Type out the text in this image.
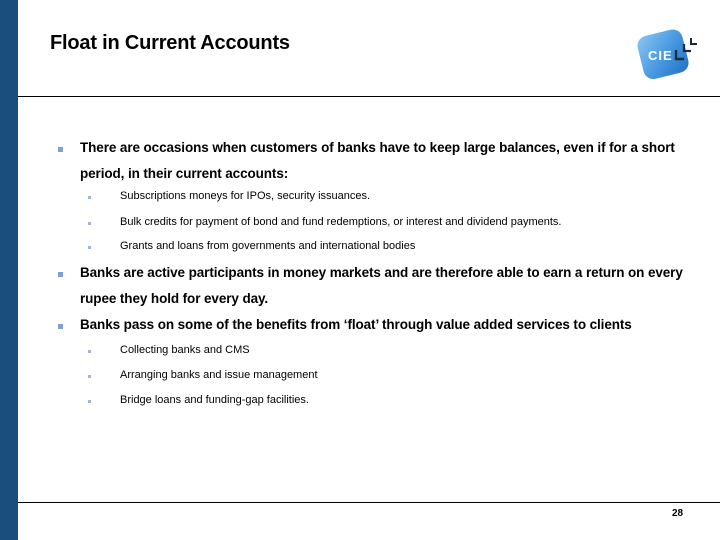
Float in Current Accounts
CIE
There are occasions when customers of banks have to keep large balances, even if for a short period, in their current accounts:
Subscriptions moneys for IPOs, security issuances.
Bulk credits for payment of bond and fund redemptions, or interest and dividend payments.
Grants and loans from governments and international bodies
Banks are active participants in money markets and are therefore able to earn a return on every rupee they hold for every day.
Banks pass on some of the benefits from ‘float’ through value added services to clients
Collecting banks and CMS
Arranging banks and issue management
Bridge loans and funding-gap facilities.
28
